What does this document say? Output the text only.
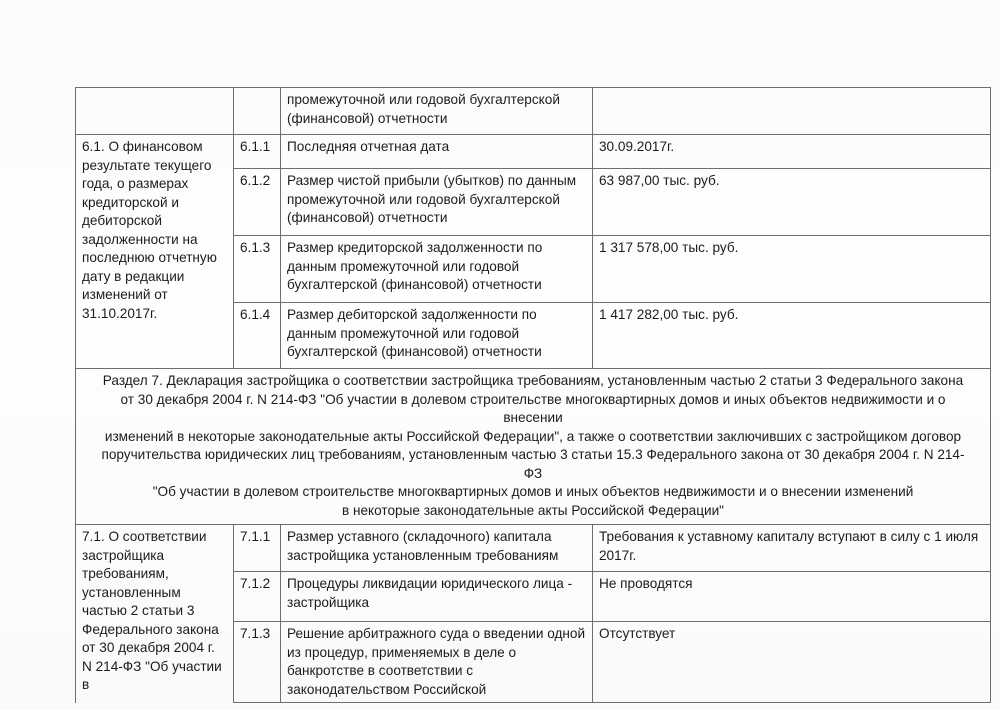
		промежуточной или годовой бухгалтерской (финансовой) отчетности	
6.1. О финансовом результате текущего года, о размерах кредиторской и дебиторской задолженности на последнюю отчетную дату в редакции изменений от 31.10.2017г.	6.1.1	Последняя отчетная дата	30.09.2017г.
	6.1.2	Размер чистой прибыли (убытков) по данным промежуточной или годовой бухгалтерской (финансовой) отчетности	63 987,00 тыс. руб.
	6.1.3	Размер кредиторской задолженности по данным промежуточной или годовой бухгалтерской (финансовой) отчетности	1 317 578,00 тыс. руб.
	6.1.4	Размер дебиторской задолженности по данным промежуточной или годовой бухгалтерской (финансовой) отчетности	1 417 282,00 тыс. руб.

Раздел 7. Декларация застройщика о соответствии застройщика требованиям, установленным частью 2 статьи 3 Федерального закона
от 30 декабря 2004 г. N 214-ФЗ "Об участии в долевом строительстве многоквартирных домов и иных объектов недвижимости и о внесении
изменений в некоторые законодательные акты Российской Федерации", а также о соответствии заключивших с застройщиком договор
поручительства юридических лиц требованиям, установленным частью 3 статьи 15.3 Федерального закона от 30 декабря 2004 г. N 214-ФЗ
"Об участии в долевом строительстве многоквартирных домов и иных объектов недвижимости и о внесении изменений
в некоторые законодательные акты Российской Федерации"

7.1. О соответствии застройщика требованиям, установленным частью 2 статьи 3 Федерального закона от 30 декабря 2004 г. N 214-ФЗ "Об участии в	7.1.1	Размер уставного (складочного) капитала застройщика установленным требованиям	Требования к уставному капиталу вступают в силу с 1 июля 2017г.
	7.1.2	Процедуры ликвидации юридического лица - застройщика	Не проводятся
	7.1.3	Решение арбитражного суда о введении одной из процедур, применяемых в деле о банкротстве в соответствии с законодательством Российской	Отсутствует
